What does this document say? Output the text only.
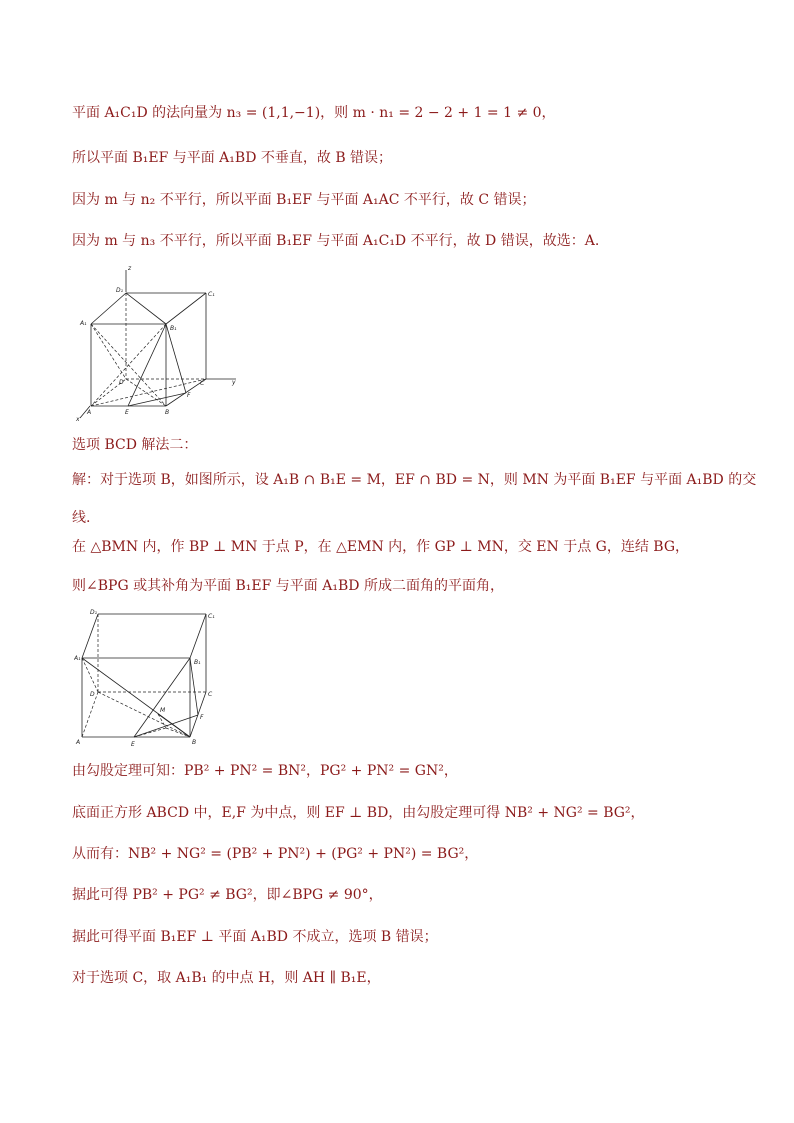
平面 A₁C₁D 的法向量为 n₃ = (1,1,−1)，则 m · n₁ = 2 − 2 + 1 = 1 ≠ 0，
所以平面 B₁EF 与平面 A₁BD 不垂直，故 B 错误；
因为 m 与 n₂ 不平行，所以平面 B₁EF 与平面 A₁AC 不平行，故 C 错误；
因为 m 与 n₃ 不平行，所以平面 B₁EF 与平面 A₁C₁D 不平行，故 D 错误，故选：A.
z
D₁
C₁
A₁
B₁
D	C	y
F
A	E	B
x
选项 BCD 解法二：
解：对于选项 B，如图所示，设 A₁B ∩ B₁E = M，EF ∩ BD = N，则 MN 为平面 B₁EF 与平面 A₁BD 的交
线.
在 △BMN 内，作 BP ⊥ MN 于点 P，在 △EMN 内，作 GP ⊥ MN，交 EN 于点 G，连结 BG，
则∠BPG 或其补角为平面 B₁EF 与平面 A₁BD 所成二面角的平面角，
D₁
C₁
A₁
B₁
D	C
M
F
A	E	B
由勾股定理可知：PB² + PN² = BN²，PG² + PN² = GN²，
底面正方形 ABCD 中，E,F 为中点，则 EF ⊥ BD，由勾股定理可得 NB² + NG² = BG²，
从而有：NB² + NG² = (PB² + PN²) + (PG² + PN²) = BG²，
据此可得 PB² + PG² ≠ BG²，即∠BPG ≠ 90°，
据此可得平面 B₁EF ⊥ 平面 A₁BD 不成立，选项 B 错误；
对于选项 C，取 A₁B₁ 的中点 H，则 AH ∥ B₁E，
